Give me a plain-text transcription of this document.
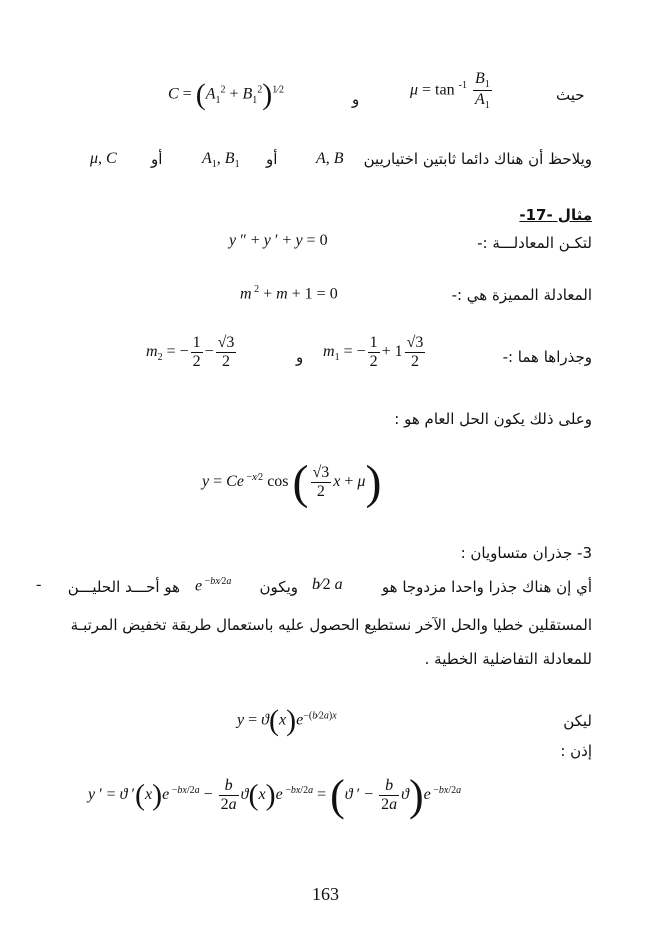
$C = (A_1^2 + B_1^2)^{1⁄2}$
و
$\mu = \tan ^{-1} \frac{B_1}{A_1}$	حيث
μ, C أو $A_1$, $B_1$ أو A, B	ويلاحظ أن هناك دائما ثابتين اختياريين
مثال -17-
y ″ + y ′ + y = 0	لتكـن المعادلـــة :-
m $^2$ + m + 1 = 0	المعادلة المميزة هي :-
$m_2$ = − $\frac{1}{2} - \frac{√3}{2}$	و $m_1$ = − $\frac{1}{2} + 1 \frac{√3}{2}$	وجذراها هما :-
وعلى ذلك يكون الحل العام هو :
y = Ce $^{-x⁄2}$ cos ( $\frac{√3}{2}$ x + μ)
3- جذران متساويان :
-	هو أحـــد الحليـــن e $^{-bx⁄2a}$ ويكون b⁄2 a	أي إن هناك جذرا واحدا مزدوجا هو
المستقلين خطيا والحل الآخر نستطيع الحصول عليه باستعمال طريقة تخفيض المرتبـة
للمعادلة التفاضلية الخطية .
$y = ϑ(x)e^{-(b⁄2a)x}$	ليكن
إذن :
y ′ = ϑ ′(x)e $^{-bx/2a} - \frac{b}{2a} ϑ(x)e$ $^{-bx/2a}$ = (ϑ ′ − $\frac{b}{2a} ϑ)e$ $^{-bx/2a}$
163
